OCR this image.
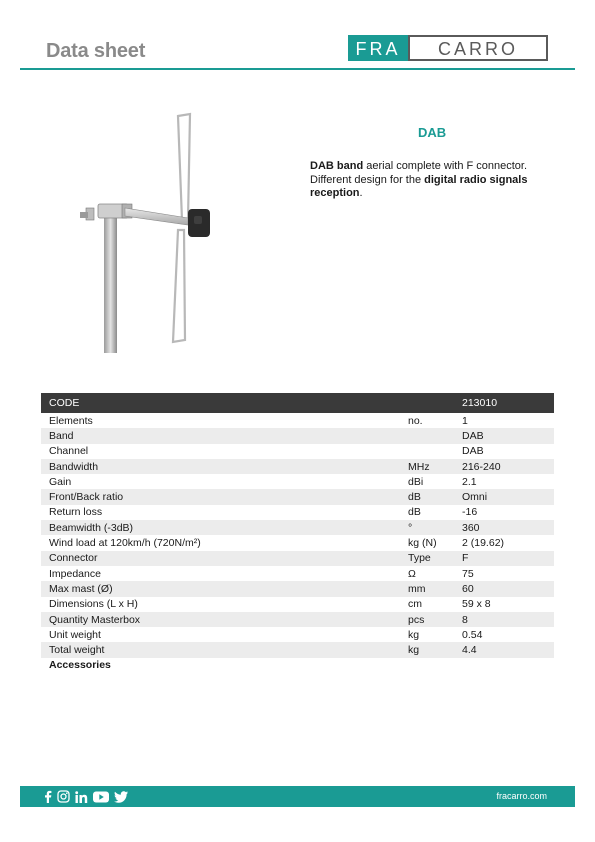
Data sheet	FRA CARRO
DAB
DAB band aerial complete with F connector. Different design for the digital radio signals reception.
CODE		213010
Elements	no.	1
Band		DAB
Channel		DAB
Bandwidth	MHz	216-240
Gain	dBi	2.1
Front/Back ratio	dB	Omni
Return loss	dB	-16
Beamwidth (-3dB)	°	360
Wind load at 120km/h (720N/m²)	kg (N)	2 (19.62)
Connector	Type	F
Impedance	Ω	75
Max mast (Ø)	mm	60
Dimensions (L x H)	cm	59 x 8
Quantity Masterbox	pcs	8
Unit weight	kg	0.54
Total weight	kg	4.4
Accessories		
fracarro.com
